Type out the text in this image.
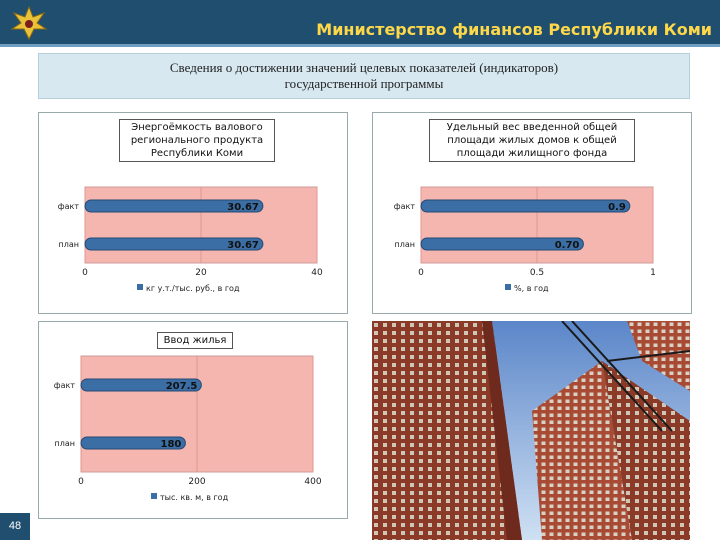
Министерство финансов Республики Коми
Сведения о достижении значений целевых показателей (индикаторов)
государственной программы
0	20	40
факт	30.67
план	30.67
кг у.т./тыс. руб., в год
Энергоёмкость валового регионального продукта Республики Коми
0	0.5	1
факт	0.9
план	0.70
%, в год
Удельный вес введенной общей площади жилых домов к общей площади жилищного фонда
0	200	400
факт	207.5
план	180
тыс. кв. м, в год
Ввод жилья
48
